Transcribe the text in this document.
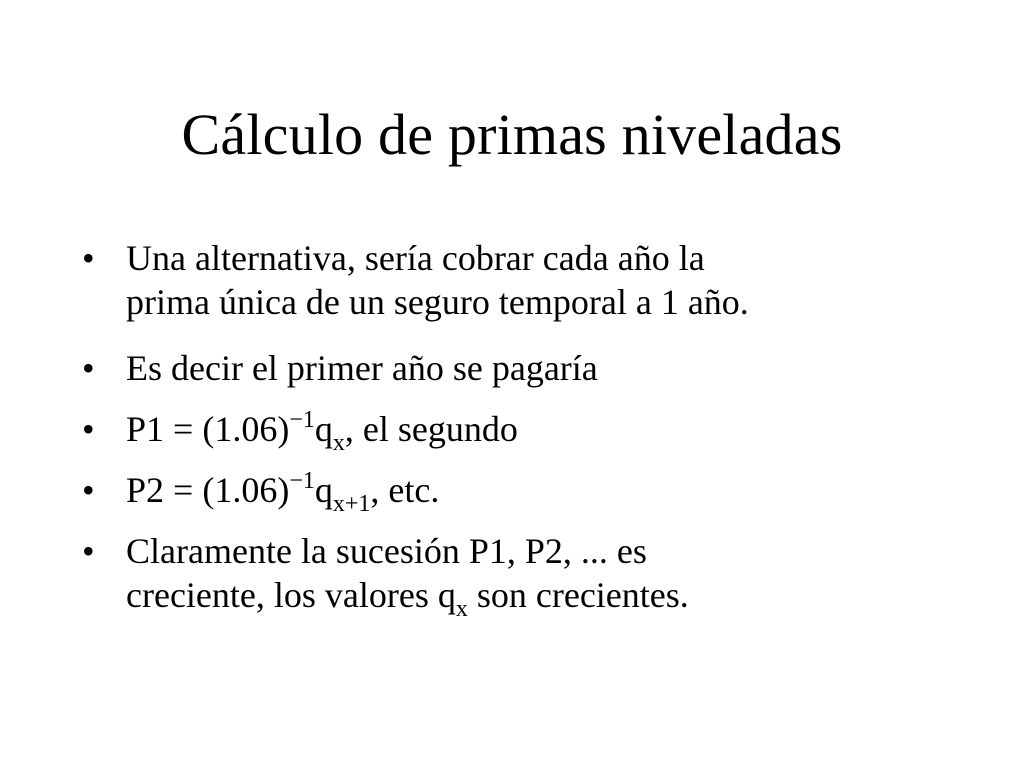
Cálculo de primas niveladas
• Una alternativa, sería cobrar cada año la
prima única de un seguro temporal a 1 año.
• Es decir el primer año se pagaría
• $P1 = (1.06)^{-1}q_x$, el segundo
• $P2 = (1.06)^{-1}q_{x+1}$, etc.
• Claramente la sucesión P1, P2, ... es
creciente, los valores $q_x$ son crecientes.
